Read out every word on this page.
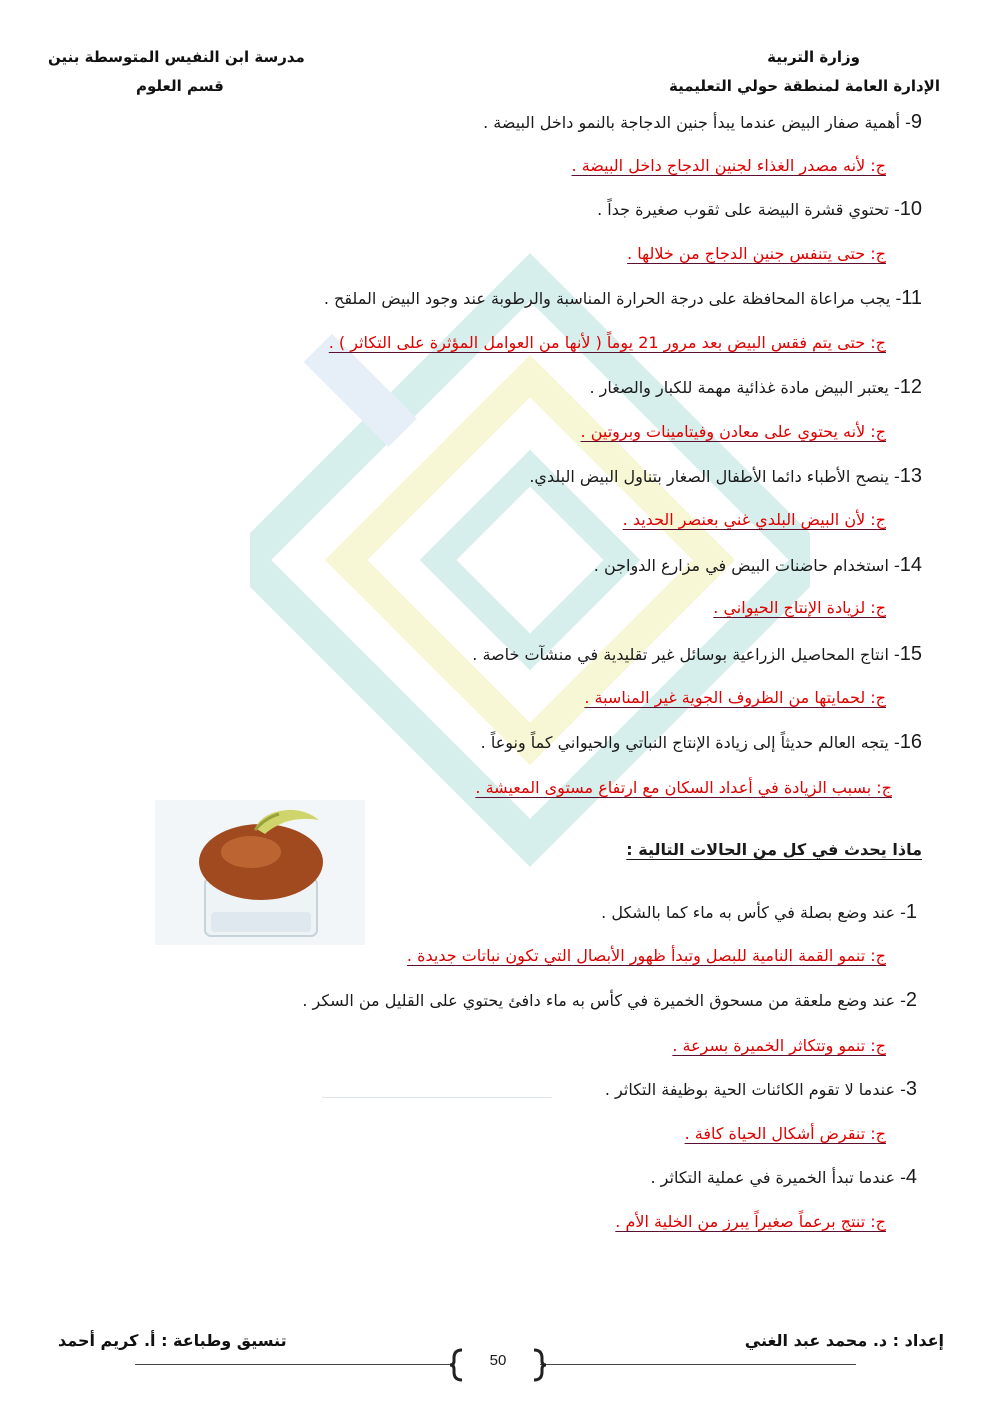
وزارة التربية
الإدارة العامة لمنطقة حولي التعليمية
مدرسة ابن النفيس المتوسطة بنين
قسم العلوم
9- أهمية صفار البيض عندما يبدأ جنين الدجاجة بالنمو داخل البيضة .
ج: لأنه مصدر الغذاء لجنين الدجاج داخل البيضة .
10- تحتوي قشرة البيضة على ثقوب صغيرة جداً .
ج: حتى يتنفس جنين الدجاج من خلالها .
11- يجب مراعاة المحافظة على درجة الحرارة المناسبة والرطوبة عند وجود البيض الملقح .
ج: حتى يتم فقس البيض بعد مرور 21 يوماً ( لأنها من العوامل المؤثرة على التكاثر ) .
12- يعتبر البيض مادة غذائية مهمة للكبار والصغار .
ج: لأنه يحتوي على معادن وفيتامينات وبروتين .
13- ينصح الأطباء دائما الأطفال الصغار بتناول البيض البلدي.
ج: لأن البيض البلدي غني بعنصر الحديد .
14- استخدام حاضنات البيض في مزارع الدواجن .
ج: لزيادة الإنتاج الحيواني .
15- انتاج المحاصيل الزراعية بوسائل غير تقليدية في منشآت خاصة .
ج: لحمايتها من الظروف الجوية غير المناسبة .
16- يتجه العالم حديثاً إلى زيادة الإنتاج النباتي والحيواني كماً ونوعاً .
ج: بسبب الزيادة في أعداد السكان مع ارتفاع مستوى المعيشة .
ماذا يحدث في كل من الحالات التالية :
1- عند وضع بصلة في كأس به ماء كما بالشكل .
ج: تنمو القمة النامية للبصل وتبدأ ظهور الأبصال التي تكون نباتات جديدة .
2- عند وضع ملعقة من مسحوق الخميرة في كأس به ماء دافئ يحتوي على القليل من السكر .
ج: تنمو وتتكاثر الخميرة بسرعة .
3- عندما لا تقوم الكائنات الحية بوظيفة التكاثر .
ج: تنقرض أشكال الحياة كافة .
4- عندما تبدأ الخميرة في عملية التكاثر .
ج: تنتج برعماً صغيراً يبرز من الخلية الأم .
إعداد : د. محمد عبد الغني
تنسيق وطباعة : أ. كريم أحمد
50
